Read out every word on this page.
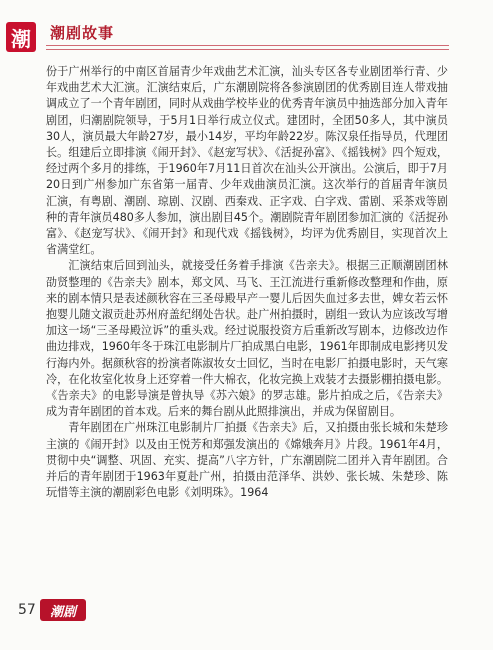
潮	潮剧故事

份于广州举行的中南区首届青少年戏曲艺术汇演，汕头专区各专业剧团举行青、少年戏曲艺术大汇演。汇演结束后，广东潮剧院将各参演剧团的优秀剧目连人带戏抽调成立了一个青年剧团，同时从戏曲学校毕业的优秀青年演员中抽选部分加入青年剧团，归潮剧院领导，于5月1日举行成立仪式。建团时，全团50多人，其中演员30人，演员最大年龄27岁，最小14岁，平均年龄22岁。陈汉泉任指导员，代理团长。组建后立即排演《闹开封》、《赵宠写状》、《活捉孙富》、《摇钱树》四个短戏，经过两个多月的排练，于1960年7月11日首次在汕头公开演出。公演后，即于7月20日到广州参加广东省第一届青、少年戏曲演员汇演。这次举行的首届青年演员汇演，有粤剧、潮剧、琼剧、汉剧、西秦戏、正字戏、白字戏、雷剧、采茶戏等剧种的青年演员480多人参加，演出剧目45个。潮剧院青年剧团参加汇演的《活捉孙富》、《赵宠写状》、《闹开封》和现代戏《摇钱树》，均评为优秀剧目，实现首次上省满堂红。

汇演结束后回到汕头，就接受任务着手排演《告亲夫》。根据三正顺潮剧团林劭贤整理的《告亲夫》剧本，郑文风、马飞、王江流进行重新修改整理和作曲，原来的剧本情只是表述颜秋容在三圣母殿早产一婴儿后因失血过多去世，婢女若云怀抱婴儿随文淑贡赴苏州府盖纪纲处告状。赴广州拍摄时，剧组一致认为应该改写增加这一场“三圣母殿泣诉”的重头戏。经过说服投资方后重新改写剧本，边修改边作曲边排戏，1960年冬于珠江电影制片厂拍成黑白电影，1961年即制成电影拷贝发行海内外。据颜秋容的扮演者陈淑妆女士回忆，当时在电影厂拍摄电影时，天气寒冷，在化妆室化妆身上还穿着一件大棉衣，化妆完换上戏装才去摄影棚拍摄电影。《告亲夫》的电影导演是曾执导《苏六娘》的罗志雄。影片拍成之后，《告亲夫》成为青年剧团的首本戏。后来的舞台剧从此照排演出，并成为保留剧目。

青年剧团在广州珠江电影制片厂拍摄《告亲夫》后，又拍摄由张长城和朱楚珍主演的《闹开封》以及由王悦芳和郑强发演出的《嫦娥奔月》片段。1961年4月，贯彻中央“调整、巩固、充实、提高”八字方针，广东潮剧院二团并入青年剧团。合并后的青年剧团于1963年夏赴广州，拍摄由范泽华、洪妙、张长城、朱楚珍、陈玩惜等主演的潮剧彩色电影《刘明珠》。1964

57	潮剧
